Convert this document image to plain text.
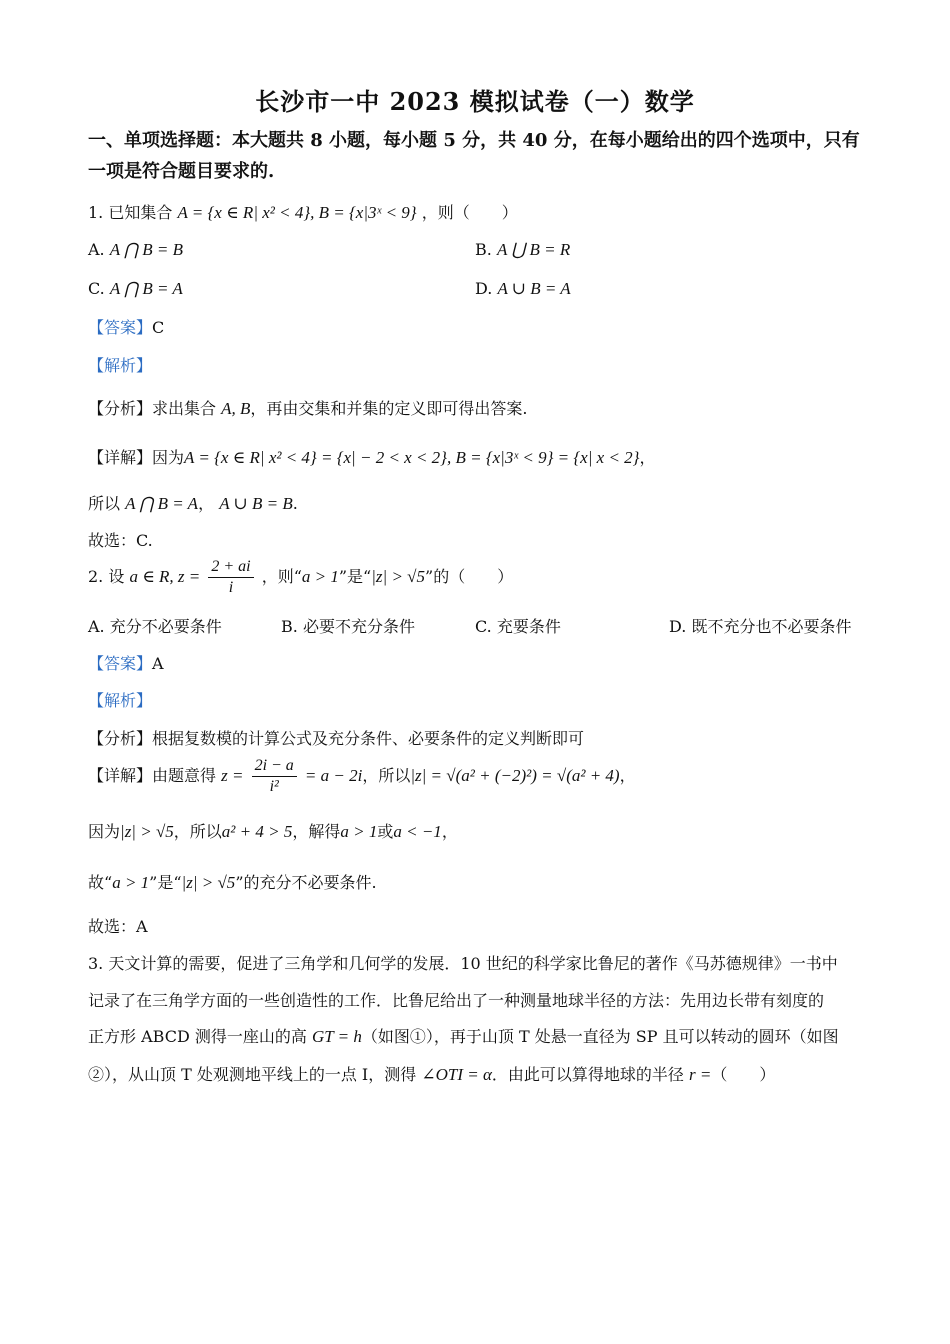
长沙市一中 2023 模拟试卷（一）数学
一、单项选择题：本大题共 8 小题，每小题 5 分，共 40 分，在每小题给出的四个选项中，只有
一项是符合题目要求的.
1. 已知集合 A = {x ∈ R| x² < 4}, B = {x|3ˣ < 9} ，则（　　）
A. A ⋂ B = B	B. A ⋃ B = R
C. A ⋂ B = A	D. A ∪ B = A
【答案】C
【解析】
【分析】求出集合 A, B，再由交集和并集的定义即可得出答案.
【详解】因为A = {x ∈ R| x² < 4} = {x| − 2 < x < 2}, B = {x|3ˣ < 9} = {x| x < 2}，
所以 A ⋂ B = A， A ∪ B = B.
故选：C.
2. 设 a ∈ R, $z = \frac{2 + ai}{i}$ ，则“a > 1”是“|z| > √5”的（　　）
A. 充分不必要条件	B. 必要不充分条件	C. 充要条件	D. 既不充分也不必要条件
【答案】A
【解析】
【分析】根据复数模的计算公式及充分条件、必要条件的定义判断即可
【详解】由题意得 $z = \frac{2i - a}{\text{i²}} = a - 2i$，所以|z| = √(a² + (−2)²) = √(a² + 4)，
因为|z| > √5，所以a² + 4 > 5，解得a > 1或a < −1，
故“a > 1”是“|z| > √5”的充分不必要条件.
故选：A
3. 天文计算的需要，促进了三角学和几何学的发展．10 世纪的科学家比鲁尼的著作《马苏德规律》一书中
记录了在三角学方面的一些创造性的工作．比鲁尼给出了一种测量地球半径的方法：先用边长带有刻度的
正方形 ABCD 测得一座山的高 GT = h（如图①），再于山顶 T 处悬一直径为 SP 且可以转动的圆环（如图
②），从山顶 T 处观测地平线上的一点 I，测得 ∠OTI = α．由此可以算得地球的半径 r =（　　）
